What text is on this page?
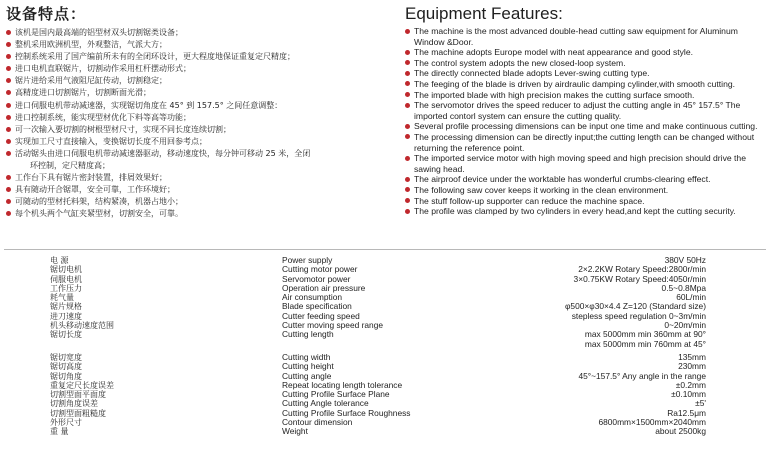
设备特点：
该机是国内最高端的铝型材双头切割锯类设备；
整机采用欧洲机型，外观整洁，气派大方；
控制系统采用了国产编前所未有的全闭环设计，更大程度地保证重复定尺精度；
进口电机直联锯片，切割动作采用杠杆摆动形式；
锯片进给采用气液阻尼缸传动，切割稳定；
高精度进口切割锯片，切割断面光滑；
进口伺服电机带动减速器，实现锯切角度在 45° 到 157.5° 之间任意调整：
进口控制系统，能实现型材优化下料等高等功能；
可一次输入要切割的树根型材尺寸，实现不同长度连续切割；
实现加工尺寸直接输入，变换锯切长度不用回参考点；
活动锯头由进口伺服电机带动减速器驱动，移动速度快，每分钟可移动 25 米，全闭
环控制，定尺精度高；
工作台下具有锯片密封装置，排屑效果好；
具有随动开合锯罩，安全可靠，工作环境好；
可随动的型材托料架，结构紧凑，机器占地小；
每个机头两个气缸夹紧型材，切割安全，可靠。
Equipment Features:
The machine is the most advanced double-head cutting saw equipment for Aluminum Window &Door.
The machine adopts Europe model with neat appearance and good style.
The control system adopts the new closed-loop system.
The directly connected blade adopts Lever-swing cutting type.
The feeging of the blade is driven by airdraulic damping cylinder,with smooth cutting.
The imported blade with high precision makes the cutting surface smooth.
The servomotor drives the speed reducer to adjust the cutting angle in 45° 157.5° The imported contorl system can ensure the cutting quality.
Several profile processing dimensions can be input one time and make continuous cutting.
The processing dimension can be directly input;the cutting length can be changed without returning the reference point.
The imported service motor with high moving speed and high precision should drive the sawing head.
The airproof device under the worktable has wonderful crumbs-clearing effect.
The following saw cover keeps it working in the clean environment.
The stuff follow-up supporter can reduce the machine space.
The profile was clamped by two cylinders in every head,and kept the cutting security.
电 源	Power supply	380V 50Hz
锯切电机	Cutting motor power	2×2.2KW Rotary Speed:2800r/min
伺服电机	Servomotor power	3×0.75KW Rotary Speed:4050r/min
工作压力	Operation air pressure	0.5~0.8Mpa
耗气量	Air consumption	60L/min
锯片规格	Blade specification	φ500×φ30×4.4 Z=120 (Standard size)
进刀速度	Cutter feeding speed	stepless speed regulation 0~3m/min
机头移动速度范围	Cutter moving speed range	0~20m/min
锯切长度	Cutting length	max 5000mm min 360mm at 90°
max 5000mm min 760mm at 45°
锯切宽度	Cutting width	135mm
锯切高度	Cutting height	230mm
锯切角度	Cutting angle	45°~157.5° Any angle in the range
重复定尺长度误差	Repeat locating length tolerance	±0.2mm
切割型面平面度	Cutting Profile Surface Plane	±0.10mm
切割角度误差	Cutting Angle tolerance	±5'
切割型面粗糙度	Cutting Profile Surface Roughness	Ra12.5μm
外形尺寸	Contour dimension	6800mm×1500mm×2040mm
重 量	Weight	about 2500kg
